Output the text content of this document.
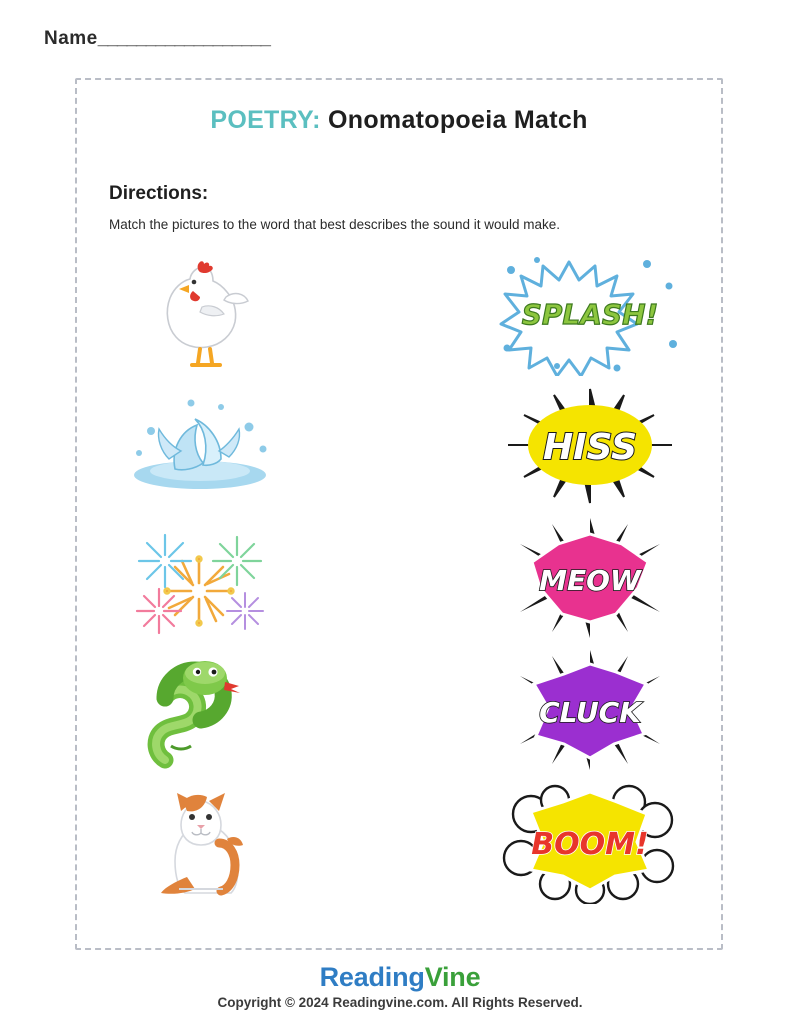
Name__________________
POETRY: Onomatopoeia Match
Directions:
Match the pictures to the word that best describes the sound it would make.
SPLASH!
HISS
MEOW
CLUCK
BOOM!
ReadingVine
Copyright © 2024 Readingvine.com. All Rights Reserved.
